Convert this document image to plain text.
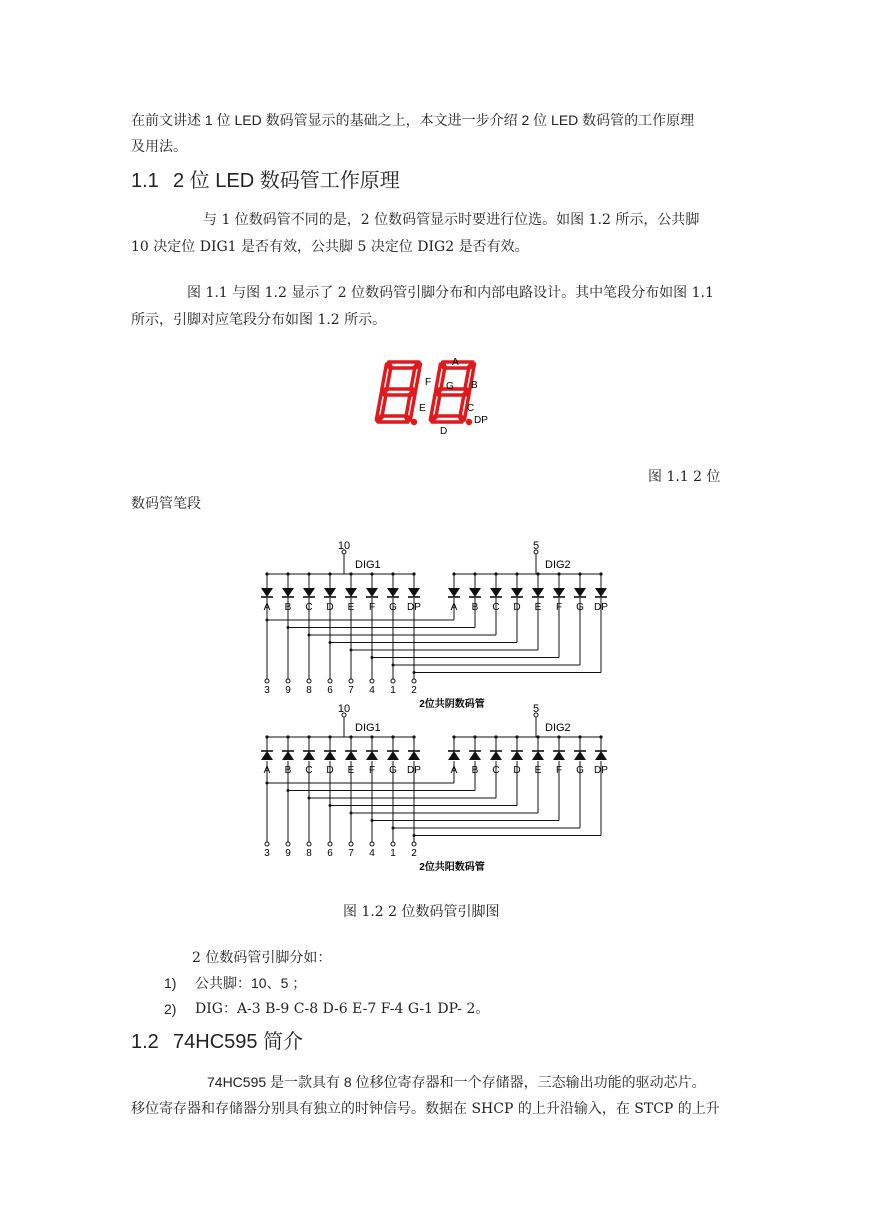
在前文讲述 1 位 LED 数码管显示的基础之上，本文进一步介绍 2 位 LED 数码管的工作原理

及用法。

1.1 2 位 LED 数码管工作原理

与 1 位数码管不同的是，2 位数码管显示时要进行位选。如图 1.2 所示，公共脚

10 决定位 DIG1 是否有效，公共脚 5 决定位 DIG2 是否有效。

图 1.1 与图 1.2 显示了 2 位数码管引脚分布和内部电路设计。其中笔段分布如图 1.1

所示，引脚对应笔段分布如图 1.2 所示。

A
F G B
E	C
DP
D

图 1.1 2 位

数码管笔段

10
DIG1
5
DIG2
A B C D E F G DP	A B C D E F G DP
3 9 8 6 7 4 1 2
2位共阴数码管
10
DIG1
5
DIG2
A B C D E F G DP	A B C D E F G DP
3 9 8 6 7 4 1 2
2位共阳数码管

图 1.2 2 位数码管引脚图

2 位数码管引脚分如：

1) 公共脚：10、5 ；

2) DIG：A-3 B-9 C-8 D-6 E-7 F-4 G-1 DP- 2。

1.2 74HC595 简介

74HC595 是一款具有 8 位移位寄存器和一个存储器，三态输出功能的驱动芯片。

移位寄存器和存储器分别具有独立的时钟信号。数据在 SHCP 的上升沿输入，在 STCP 的上升
